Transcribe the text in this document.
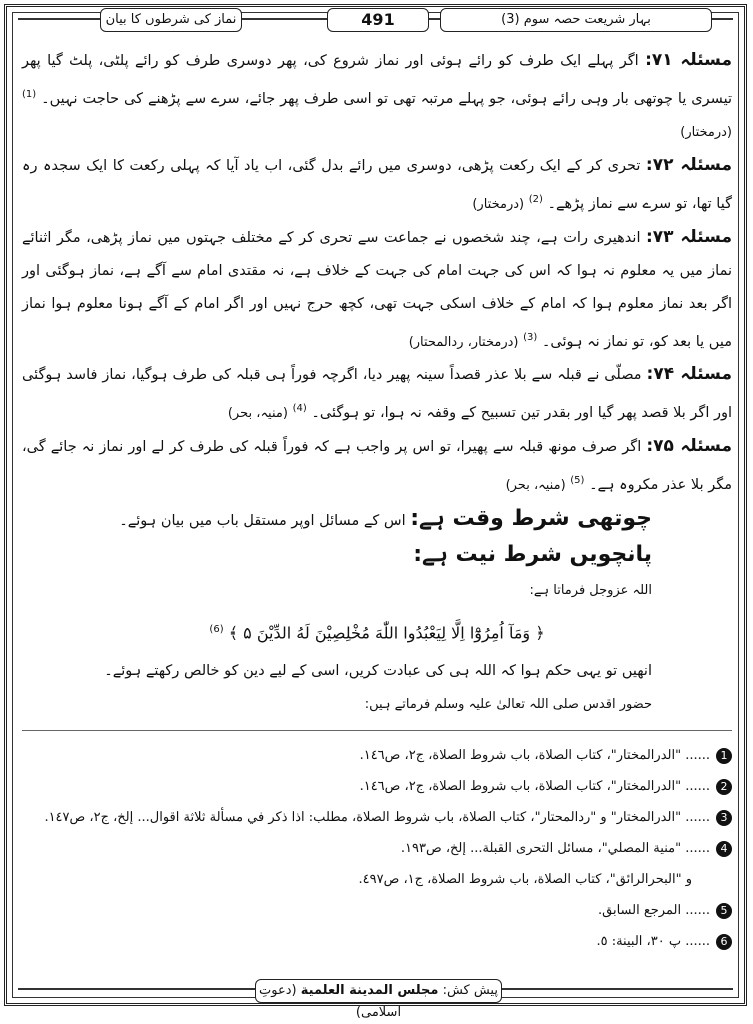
بہار شریعت حصہ سوم (3)
491
نماز کی شرطوں کا بیان

مسئلہ ۷۱: اگر پہلے ایک طرف کو رائے ہوئی اور نماز شروع کی، پھر دوسری طرف کو رائے پلٹی، پلٹ گیا پھر تیسری یا چوتھی بار وہی رائے ہوئی، جو پہلے مرتبہ تھی تو اسی طرف پھر جائے، سرے سے پڑھنے کی حاجت نہیں۔ $^{(1)}$ (درمختار)

مسئلہ ۷۲: تحری کر کے ایک رکعت پڑھی، دوسری میں رائے بدل گئی، اب یاد آیا کہ پہلی رکعت کا ایک سجدہ رہ گیا تھا، تو سرے سے نماز پڑھے۔ $^{(2)}$ (درمختار)

مسئلہ ۷۳: اندھیری رات ہے، چند شخصوں نے جماعت سے تحری کر کے مختلف جہتوں میں نماز پڑھی، مگر اثنائے نماز میں یہ معلوم نہ ہوا کہ اس کی جہت امام کی جہت کے خلاف ہے، نہ مقتدی امام سے آگے ہے، نماز ہوگئی اور اگر بعد نماز معلوم ہوا کہ امام کے خلاف اسکی جہت تھی، کچھ حرج نہیں اور اگر امام کے آگے ہونا معلوم ہوا نماز میں یا بعد کو، تو نماز نہ ہوئی۔ $^{(3)}$ (درمختار، ردالمحتار)

مسئلہ ۷۴: مصلّی نے قبلہ سے بلا عذر قصداً سینہ پھیر دیا، اگرچہ فوراً ہی قبلہ کی طرف ہوگیا، نماز فاسد ہوگئی اور اگر بلا قصد پھر گیا اور بقدر تین تسبیح کے وقفہ نہ ہوا، تو ہوگئی۔ $^{(4)}$ (منیہ، بحر)

مسئلہ ۷۵: اگر صرف مونھ قبلہ سے پھیرا، تو اس پر واجب ہے کہ فوراً قبلہ کی طرف کر لے اور نماز نہ جائے گی، مگر بلا عذر مکروہ ہے۔ $^{(5)}$ (منیہ، بحر)

چوتھی شرط وقت ہے: اس کے مسائل اوپر مستقل باب میں بیان ہوئے۔

پانچویں شرط نیت ہے:

اللہ عزوجل فرماتا ہے:

﴿ وَمَآ اُمِرُوْٓا اِلَّا لِيَعْبُدُوا اللّٰهَ مُخْلِصِيْنَ لَهُ الدِّيْنَ ۵ ﴾ $^{(6)}$

انھیں تو یہی حکم ہوا کہ اللہ ہی کی عبادت کریں، اسی کے لیے دین کو خالص رکھتے ہوئے۔

حضور اقدس صلی اللہ تعالیٰ علیہ وسلم فرماتے ہیں:

1
...... "الدرالمختار"، كتاب الصلاة، باب شروط الصلاة، ج٢، ص١٤٦.

2
...... "الدرالمختار"، كتاب الصلاة، باب شروط الصلاة، ج٢، ص١٤٦.

3
...... "الدرالمختار" و "ردالمحتار"، كتاب الصلاة، باب شروط الصلاة، مطلب: اذا ذكر في مسألة ثلاثة اقوال... إلخ، ج٢، ص١٤٧.

4
...... "منية المصلي"، مسائل التحرى القبلة... إلخ، ص١٩٣.

و "البحرالرائق"، كتاب الصلاة، باب شروط الصلاة، ج١، ص٤٩٧.

5
...... المرجع السابق.

6
...... پ ٣٠، البينة: ٥.

پیش کش: مجلس المدينة العلمية (دعوتِ اسلامی)
